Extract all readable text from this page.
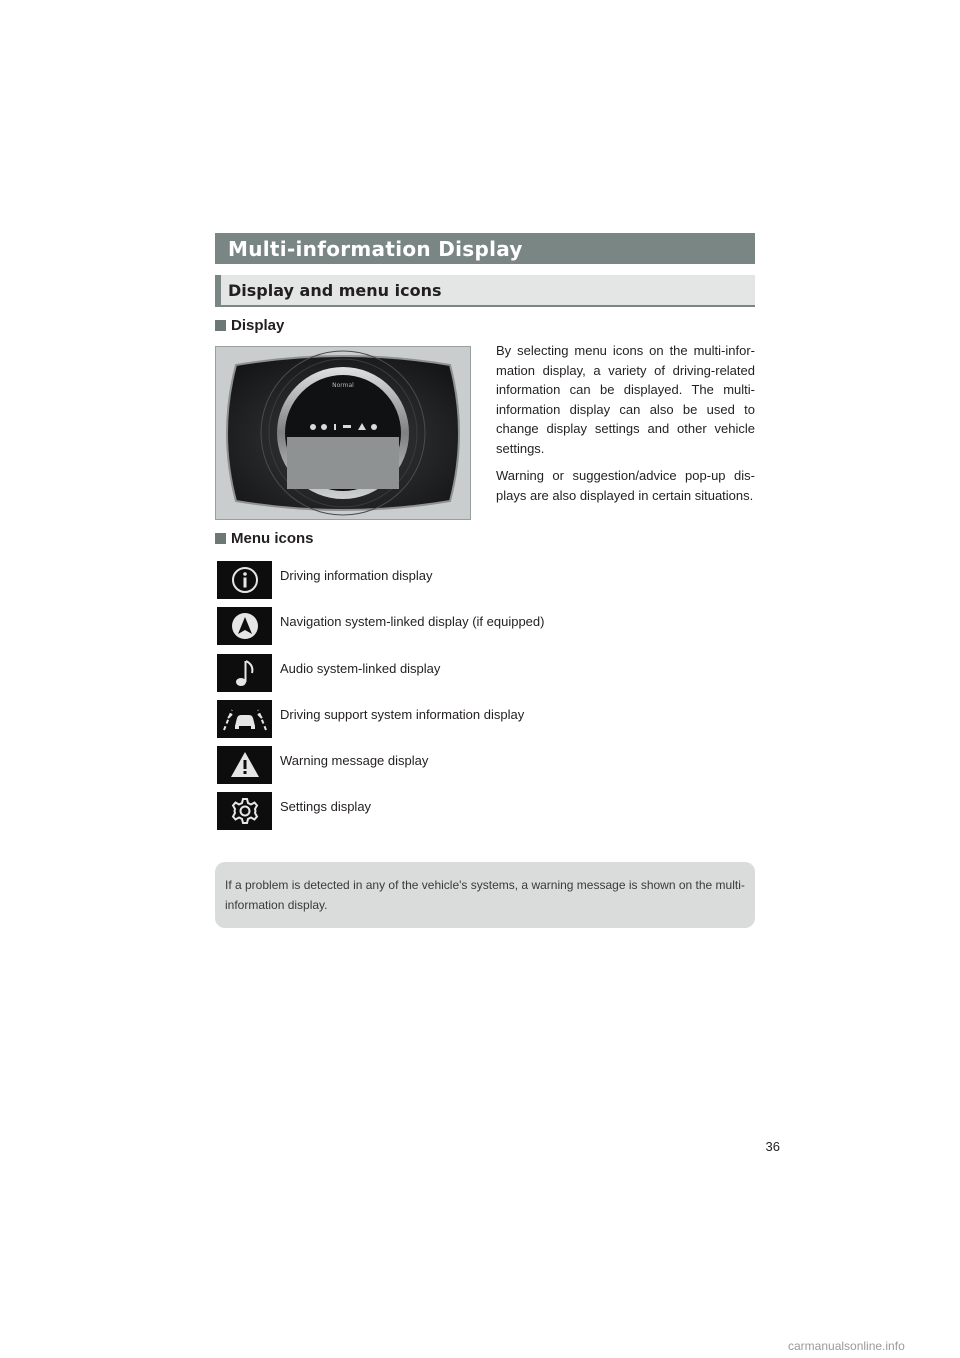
Multi-information Display
Display and menu icons
Display
Normal

By selecting menu icons on the multi-infor-mation display, a variety of driving-related information can be displayed. The multi-information display can also be used to change display settings and other vehicle settings.

Warning or suggestion/advice pop-up dis-plays are also displayed in certain situations.

Menu icons
Driving information display
Navigation system-linked display (if equipped)
Audio system-linked display
Driving support system information display
Warning message display
Settings display
If a problem is detected in any of the vehicle's systems, a warning message is shown on the multi-information display.
36
carmanualsonline.info
